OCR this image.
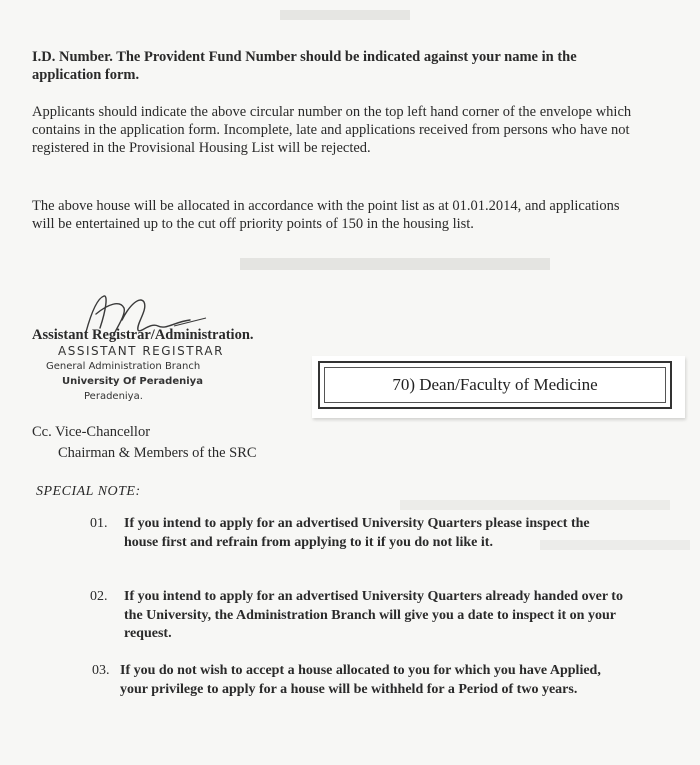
I.D. Number. The Provident Fund Number should be indicated against your name in the application form.
Applicants should indicate the above circular number on the top left hand corner of the envelope which contains in the application form. Incomplete, late and applications received from persons who have not registered in the Provisional Housing List will be rejected.
The above house will be allocated in accordance with the point list as at 01.01.2014, and applications will be entertained up to the cut off priority points of 150 in the housing list.
Assistant Registrar/Administration.
ASSISTANT REGISTRAR
General Administration Branch
University Of Peradeniya
Peradeniya.
70) Dean/Faculty of Medicine
Cc. Vice-Chancellor
Chairman & Members of the SRC
SPECIAL NOTE:
01. If you intend to apply for an advertised University Quarters please inspect the house first and refrain from applying to it if you do not like it.
02. If you intend to apply for an advertised University Quarters already handed over to the University, the Administration Branch will give you a date to inspect it on your request.
03. If you do not wish to accept a house allocated to you for which you have Applied, your privilege to apply for a house will be withheld for a Period of two years.
